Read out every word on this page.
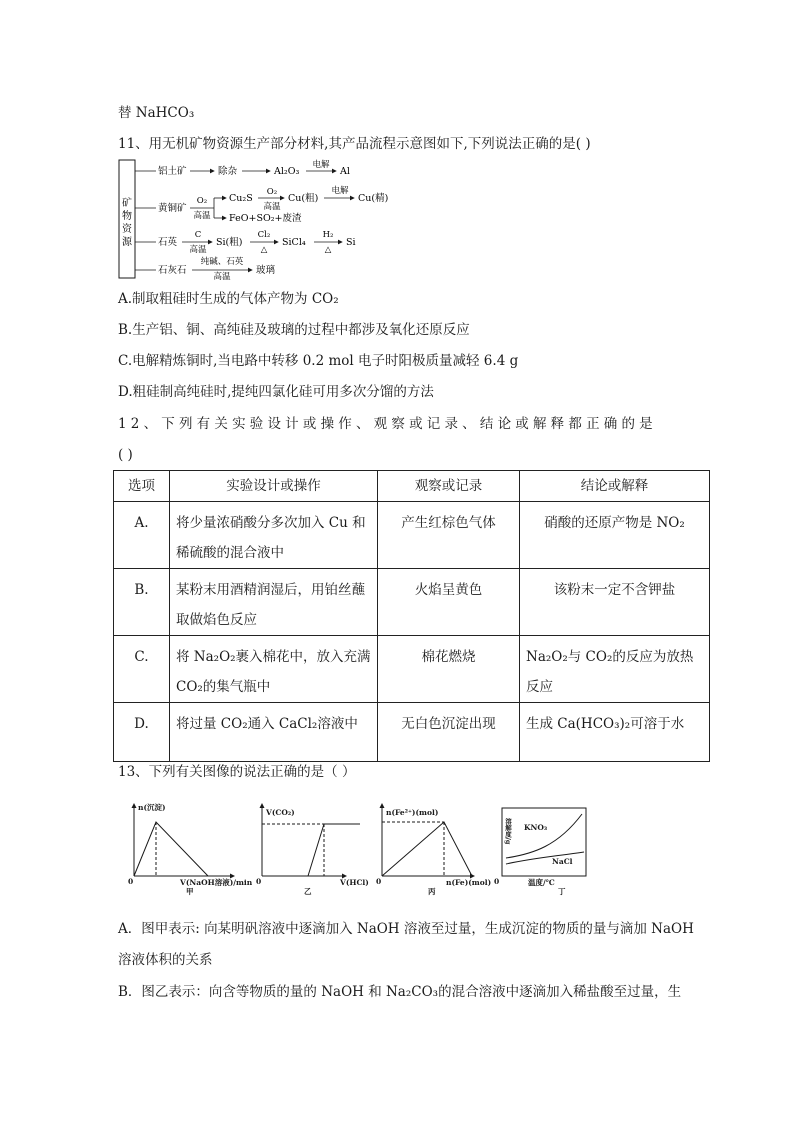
替 NaHCO₃
11、用无机矿物资源生产部分材料,其产品流程示意图如下,下列说法正确的是( )
矿
物
资
源
铝土矿	除杂	Al₂O₃
电解
Al
黄铜矿
O₂
高温
Cu₂S
O₂
高温
Cu(粗)
电解
Cu(精)
FeO+SO₂+废渣
石英
C
高温
Si(粗)
Cl₂
△
SiCl₄
H₂
△
Si
石灰石
纯碱、石英
高温
玻璃
A.制取粗硅时生成的气体产物为 CO₂
B.生产铝、铜、高纯硅及玻璃的过程中都涉及氧化还原反应
C.电解精炼铜时,当电路中转移 0.2 mol 电子时阳极质量减轻 6.4 g
D.粗硅制高纯硅时,提纯四氯化硅可用多次分馏的方法
12、下列有关实验设计或操作、观察或记录、结论或解释都正确的是
( )
选项	实验设计或操作	观察或记录	结论或解释
A.	将少量浓硝酸分多次加入 Cu 和稀硫酸的混合液中	产生红棕色气体	硝酸的还原产物是 NO₂
B.	某粉末用酒精润湿后，用铂丝蘸取做焰色反应	火焰呈黄色	该粉末一定不含钾盐
C.	将 Na₂O₂裹入棉花中，放入充满 CO₂的集气瓶中	棉花燃烧	Na₂O₂与 CO₂的反应为放热反应
D.	将过量 CO₂通入 CaCl₂溶液中	无白色沉淀出现	生成 Ca(HCO₃)₂可溶于水
13、下列有关图像的说法正确的是（ ）
n(沉淀)
0	V(NaOH溶液)/min
甲
V(CO₂)
0	V(HCl)
乙
n(Fe²⁺)(mol)
0	n(Fe)(mol)
丙
KNO₃
NaCl
0	温度/℃
丁
溶解度/g
A．图甲表示: 向某明矾溶液中逐滴加入 NaOH 溶液至过量，生成沉淀的物质的量与滴加 NaOH
溶液体积的关系
B．图乙表示：向含等物质的量的 NaOH 和 Na₂CO₃的混合溶液中逐滴加入稀盐酸至过量，生
